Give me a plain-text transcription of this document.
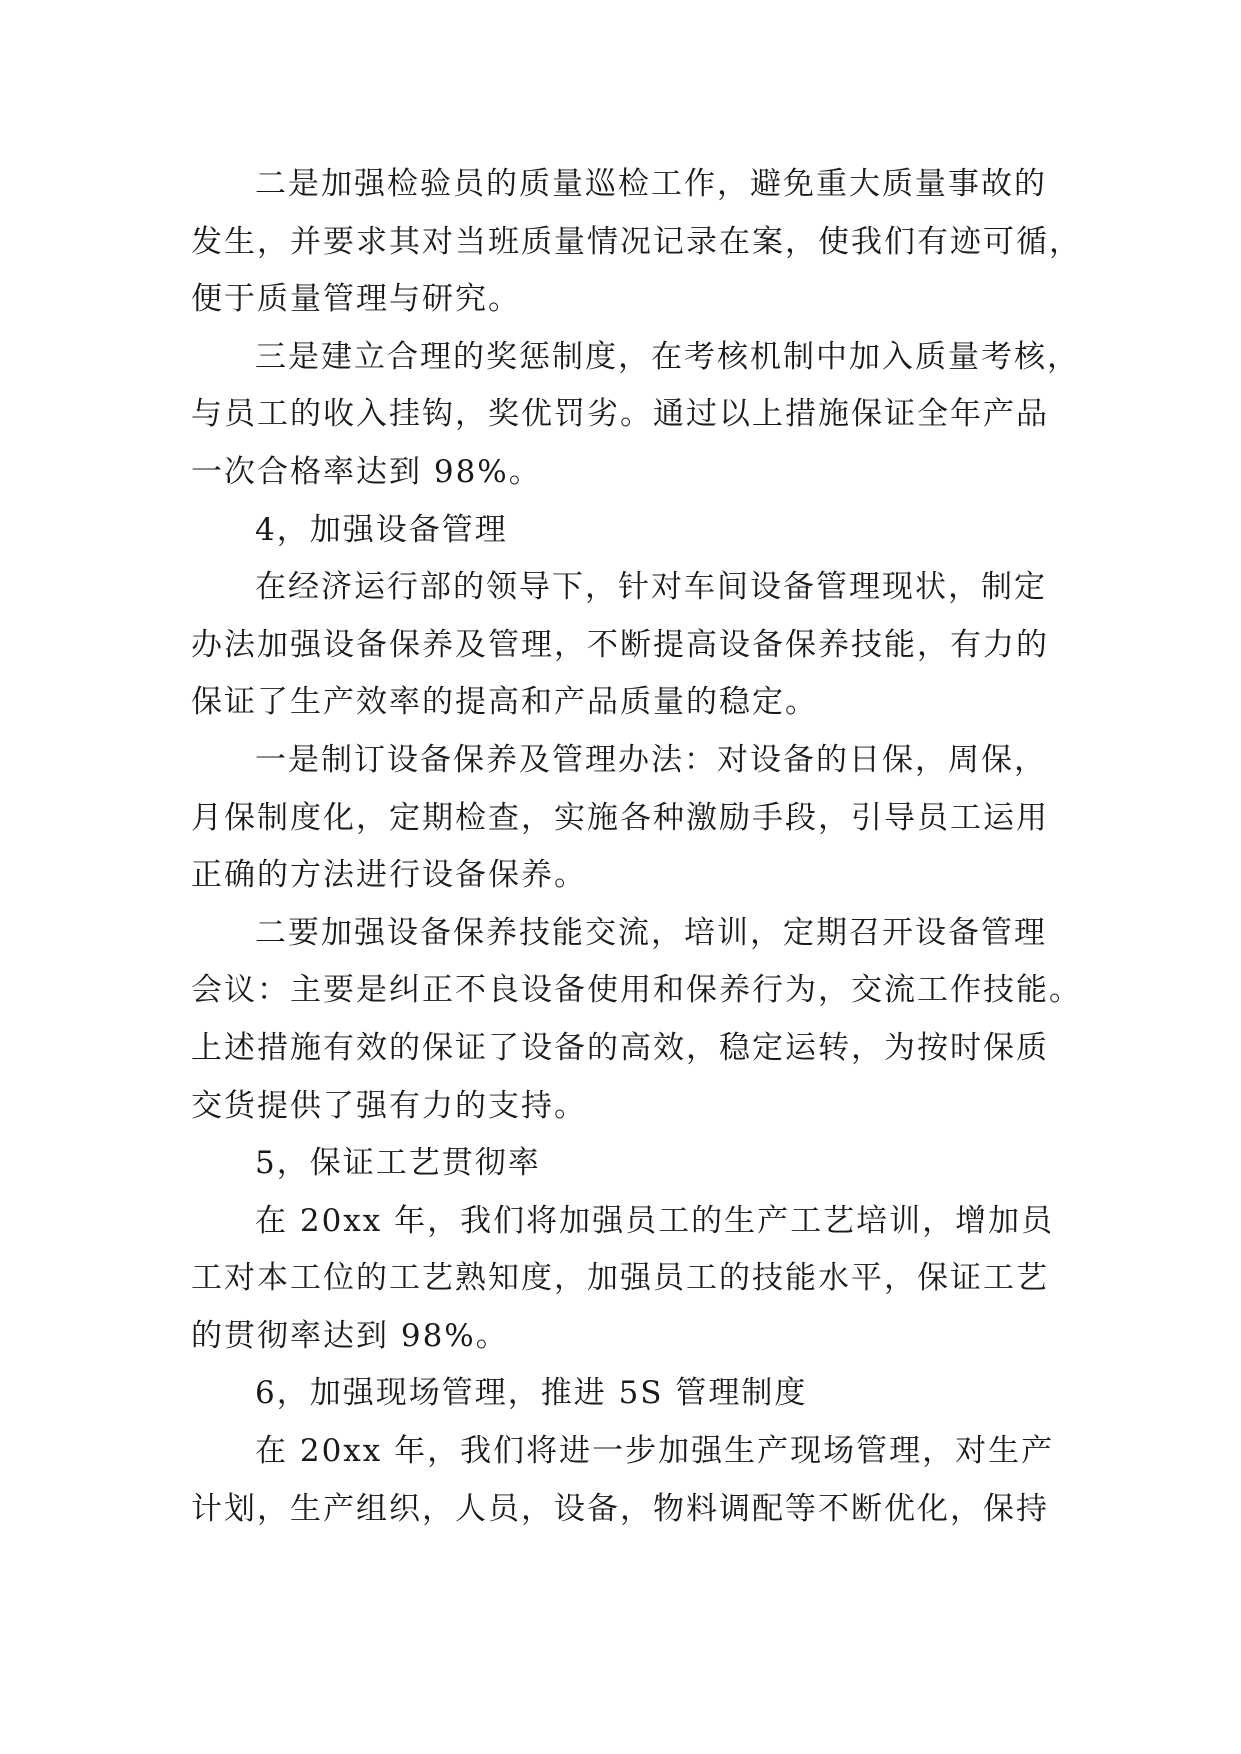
二是加强检验员的质量巡检工作，避免重大质量事故的
发生，并要求其对当班质量情况记录在案，使我们有迹可循，
便于质量管理与研究。
三是建立合理的奖惩制度，在考核机制中加入质量考核，
与员工的收入挂钩，奖优罚劣。通过以上措施保证全年产品
一次合格率达到 98%。
4，加强设备管理
在经济运行部的领导下，针对车间设备管理现状，制定
办法加强设备保养及管理，不断提高设备保养技能，有力的
保证了生产效率的提高和产品质量的稳定。
一是制订设备保养及管理办法：对设备的日保，周保，
月保制度化，定期检查，实施各种激励手段，引导员工运用
正确的方法进行设备保养。
二要加强设备保养技能交流，培训，定期召开设备管理
会议：主要是纠正不良设备使用和保养行为，交流工作技能。
上述措施有效的保证了设备的高效，稳定运转，为按时保质
交货提供了强有力的支持。
5，保证工艺贯彻率
在 20xx 年，我们将加强员工的生产工艺培训，增加员
工对本工位的工艺熟知度，加强员工的技能水平，保证工艺
的贯彻率达到 98%。
6，加强现场管理，推进 5S 管理制度
在 20xx 年，我们将进一步加强生产现场管理，对生产
计划，生产组织，人员，设备，物料调配等不断优化，保持
